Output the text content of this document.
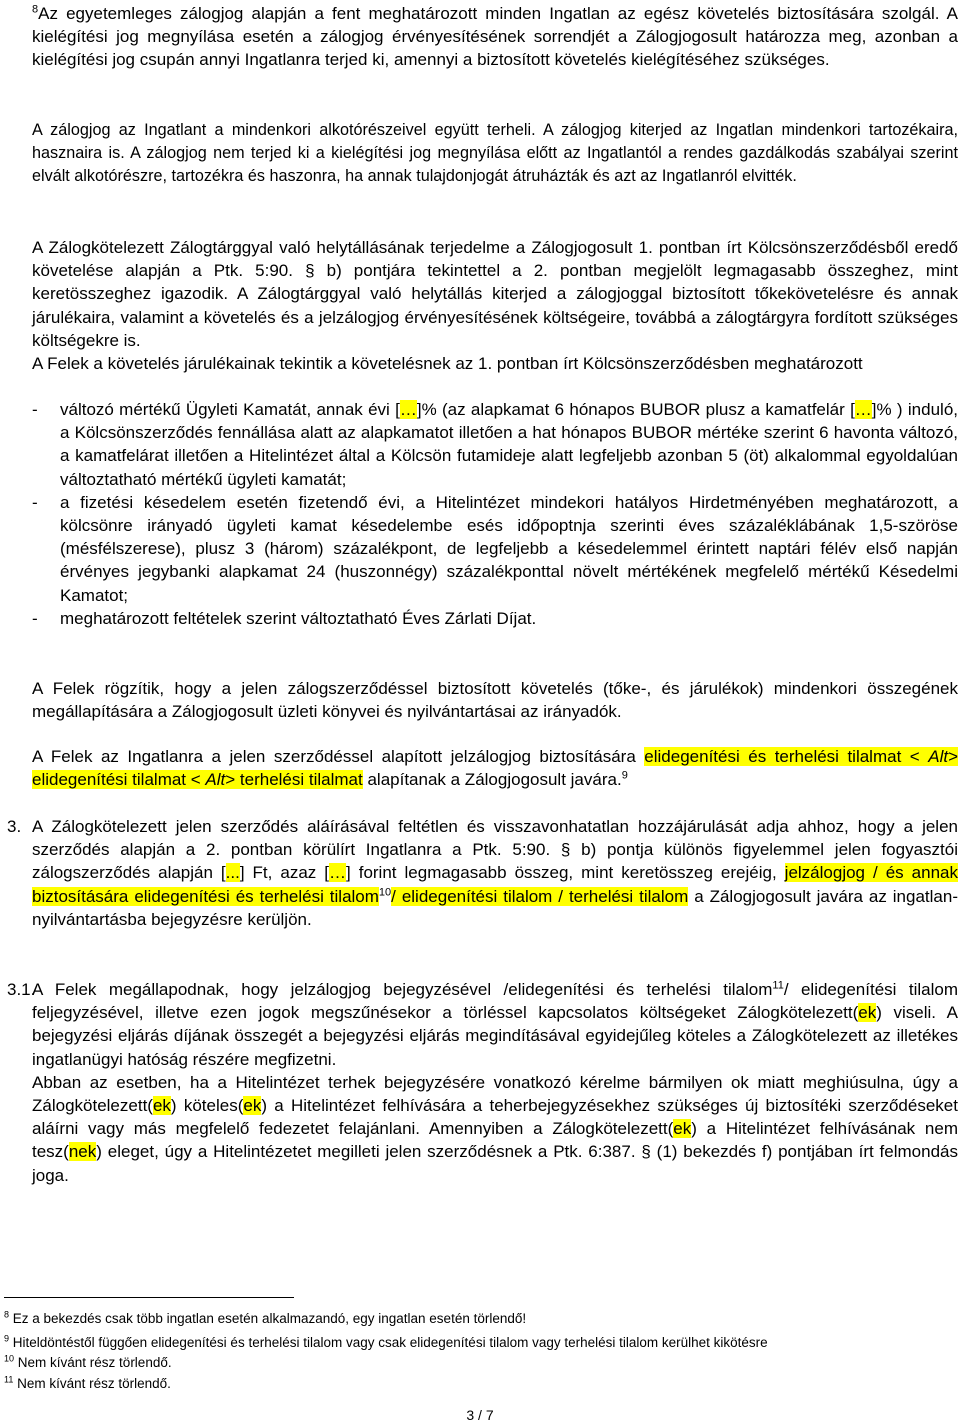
$^8$Az egyetemleges zálogjog alapján a fent meghatározott minden Ingatlan az egész követelés biztosítására szolgál. A kielégítési jog megnyílása esetén a zálogjog érvényesítésének sorrendjét a Zálogjogosult határozza meg, azonban a kielégítési jog csupán annyi Ingatlanra terjed ki, amennyi a biztosított követelés kielégítéséhez szükséges.

A zálogjog az Ingatlant a mindenkori alkotórészeivel együtt terheli. A zálogjog kiterjed az Ingatlan mindenkori tartozékaira, hasznaira is. A zálogjog nem terjed ki a kielégítési jog megnyílása előtt az Ingatlantól a rendes gazdálkodás szabályai szerint elvált alkotórészre, tartozékra és haszonra, ha annak tulajdonjogát átruházták és azt az Ingatlanról elvitték.

A Zálogkötelezett Zálogtárggyal való helytállásának terjedelme a Zálogjogosult 1. pontban írt Kölcsönszerződésből eredő követelése alapján a Ptk. 5:90. § b) pontjára tekintettel a 2. pontban megjelölt legmagasabb összeghez, mint keretösszeghez igazodik. A Zálogtárggyal való helytállás kiterjed a zálogjoggal biztosított tőkekövetelésre és annak járulékaira, valamint a követelés és a jelzálogjog érvényesítésének költségeire, továbbá a zálogtárgyra fordított szükséges költségekre is.

A Felek a követelés járulékainak tekintik a követelésnek az 1. pontban írt Kölcsönszerződésben meghatározott

- változó mértékű Ügyleti Kamatát, annak évi […]% (az alapkamat 6 hónapos BUBOR plusz a kamatfelár […]% ) induló, a Kölcsönszerződés fennállása alatt az alapkamatot illetően a hat hónapos BUBOR mértéke szerint 6 havonta változó, a kamatfelárat illetően a Hitelintézet által a Kölcsön futamideje alatt legfeljebb azonban 5 (öt) alkalommal egyoldalúan változtatható mértékű ügyleti kamatát;
- a fizetési késedelem esetén fizetendő évi, a Hitelintézet mindekori hatályos Hirdetményében meghatározott, a kölcsönre irányadó ügyleti kamat késedelembe esés időpoptnja szerinti éves százaléklábának 1,5-szöröse (mésfélszerese), plusz 3 (három) százalékpont, de legfeljebb a késedelemmel érintett naptári félév első napján érvényes jegybanki alapkamat 24 (huszonnégy) százalékponttal növelt mértékének megfelelő mértékű Késedelmi Kamatot;
- meghatározott feltételek szerint változtatható Éves Zárlati Díjat.

A Felek rögzítik, hogy a jelen zálogszerződéssel biztosított követelés (tőke-, és járulékok) mindenkori összegének megállapítására a Zálogjogosult üzleti könyvei és nyilvántartásai az irányadók.

A Felek az Ingatlanra a jelen szerződéssel alapított jelzálogjog biztosítására elidegenítési és terhelési tilalmat < Alt> elidegenítési tilalmat < Alt> terhelési tilalmat alapítanak a Zálogjogosult javára.$^9$

3. A Zálogkötelezett jelen szerződés aláírásával feltétlen és visszavonhatatlan hozzájárulását adja ahhoz, hogy a jelen szerződés alapján a 2. pontban körülírt Ingatlanra a Ptk. 5:90. § b) pontja különös figyelemmel jelen fogyasztói zálogszerződés alapján [...] Ft, azaz […] forint legmagasabb összeg, mint keretösszeg erejéig, jelzálogjog / és annak biztosítására elidegenítési és terhelési tilalom$^{10}$/ elidegenítési tilalom / terhelési tilalom a Zálogjogosult javára az ingatlan-nyilvántartásba bejegyzésre kerüljön.

3.1.

A Felek megállapodnak, hogy jelzálogjog bejegyzésével /elidegenítési és terhelési tilalom$^{11}$/ elidegenítési tilalom feljegyzésével, illetve ezen jogok megszűnésekor a törléssel kapcsolatos költségeket Zálogkötelezett(ek) viseli. A bejegyzési eljárás díjának összegét a bejegyzési eljárás megindításával egyidejűleg köteles a Zálogkötelezett az illetékes ingatlanügyi hatóság részére megfizetni.
Abban az esetben, ha a Hitelintézet terhek bejegyzésére vonatkozó kérelme bármilyen ok miatt meghiúsulna, úgy a Zálogkötelezett(ek) köteles(ek) a Hitelintézet felhívására a teherbejegyzésekhez szükséges új biztosítéki szerződéseket aláírni vagy más megfelelő fedezetet felajánlani. Amennyiben a Zálogkötelezett(ek) a Hitelintézet felhívásának nem tesz(nek) eleget, úgy a Hitelintézetet megilleti jelen szerződésnek a Ptk. 6:387. § (1) bekezdés f) pontjában írt felmondás joga.

$^8$ Ez a bekezdés csak több ingatlan esetén alkalmazandó, egy ingatlan esetén törlendő!
$^9$ Hiteldöntéstől függően elidegenítési és terhelési tilalom vagy csak elidegenítési tilalom vagy terhelési tilalom kerülhet kikötésre
$^{10}$ Nem kívánt rész törlendő.
$^{11}$ Nem kívánt rész törlendő.
3 / 7
